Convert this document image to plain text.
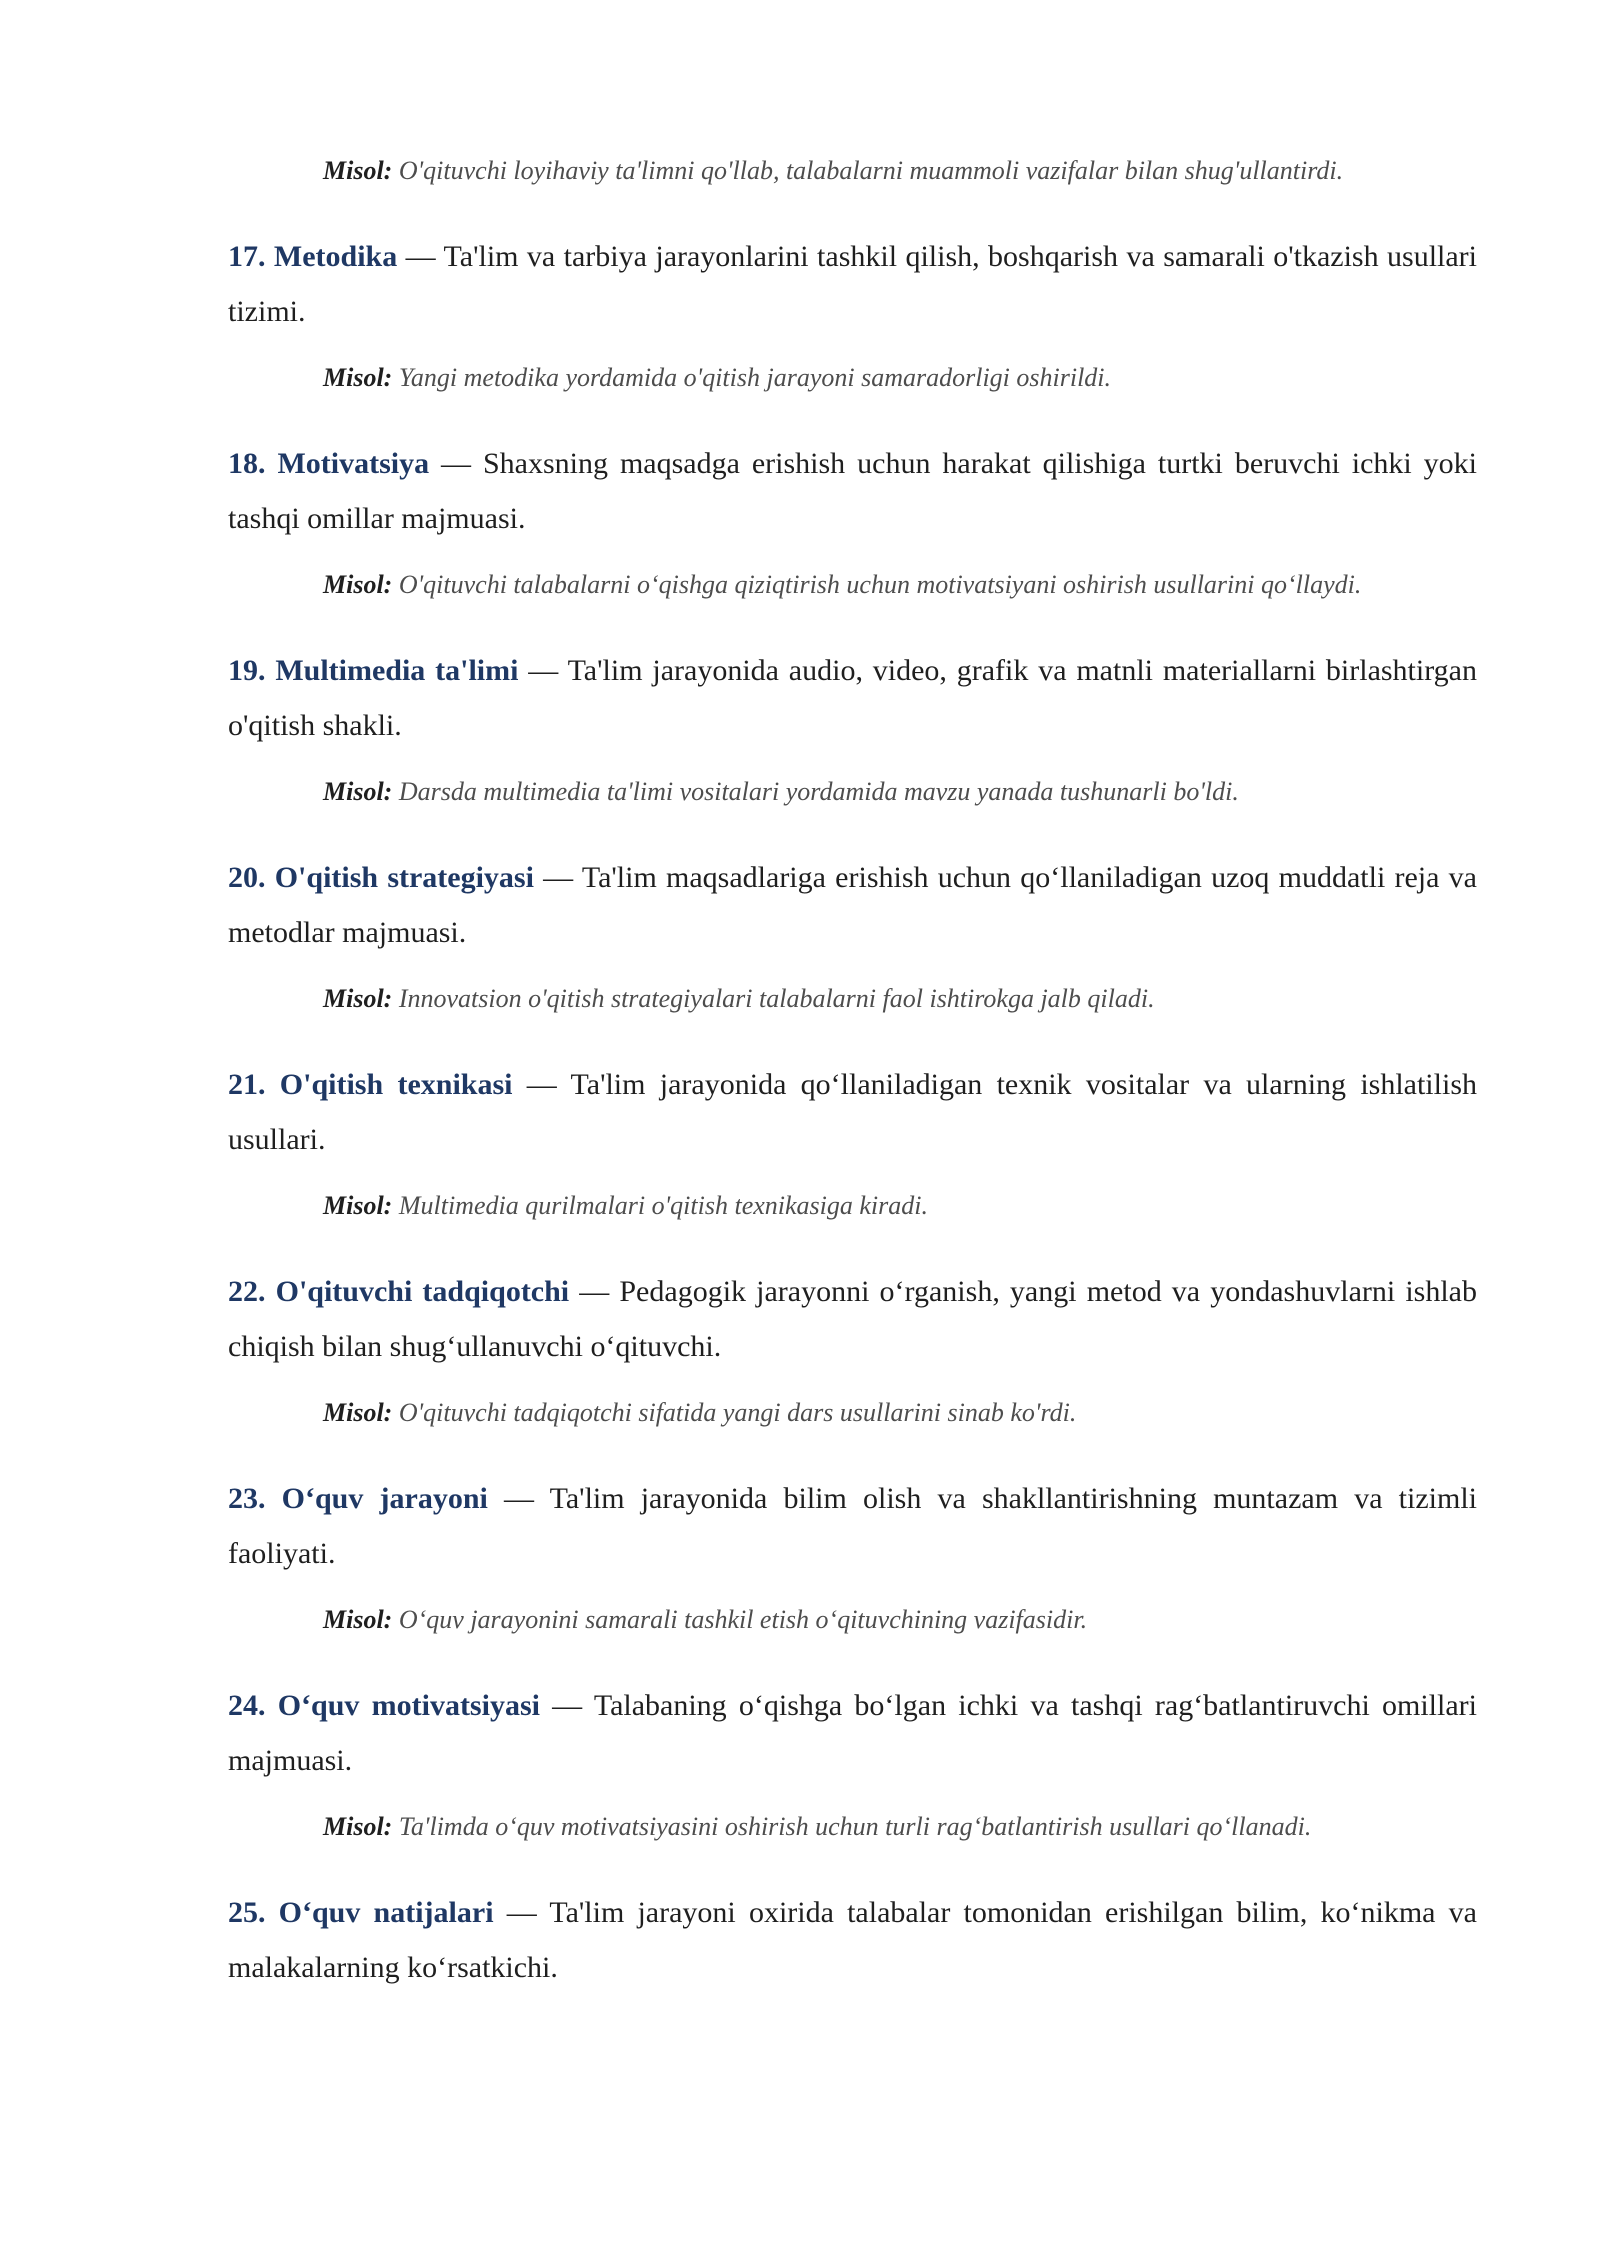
Misol: O'qituvchi loyihaviy ta'limni qo'llab, talabalarni muammoli vazifalar bilan shug'ullantirdi.
17. Metodika — Ta'lim va tarbiya jarayonlarini tashkil qilish, boshqarish va samarali o'tkazish usullari tizimi.
Misol: Yangi metodika yordamida o'qitish jarayoni samaradorligi oshirildi.
18. Motivatsiya — Shaxsning maqsadga erishish uchun harakat qilishiga turtki beruvchi ichki yoki tashqi omillar majmuasi.
Misol: O'qituvchi talabalarni o‘qishga qiziqtirish uchun motivatsiyani oshirish usullarini qo‘llaydi.
19. Multimedia ta'limi — Ta'lim jarayonida audio, video, grafik va matnli materiallarni birlashtirgan o'qitish shakli.
Misol: Darsda multimedia ta'limi vositalari yordamida mavzu yanada tushunarli bo'ldi.
20. O'qitish strategiyasi — Ta'lim maqsadlariga erishish uchun qo‘llaniladigan uzoq muddatli reja va metodlar majmuasi.
Misol: Innovatsion o'qitish strategiyalari talabalarni faol ishtirokga jalb qiladi.
21. O'qitish texnikasi — Ta'lim jarayonida qo‘llaniladigan texnik vositalar va ularning ishlatilish usullari.
Misol: Multimedia qurilmalari o'qitish texnikasiga kiradi.
22. O'qituvchi tadqiqotchi — Pedagogik jarayonni o‘rganish, yangi metod va yondashuvlarni ishlab chiqish bilan shug‘ullanuvchi o‘qituvchi.
Misol: O'qituvchi tadqiqotchi sifatida yangi dars usullarini sinab ko'rdi.
23. O‘quv jarayoni — Ta'lim jarayonida bilim olish va shakllantirishning muntazam va tizimli faoliyati.
Misol: O‘quv jarayonini samarali tashkil etish o‘qituvchining vazifasidir.
24. O‘quv motivatsiyasi — Talabaning o‘qishga bo‘lgan ichki va tashqi rag‘batlantiruvchi omillari majmuasi.
Misol: Ta'limda o‘quv motivatsiyasini oshirish uchun turli rag‘batlantirish usullari qo‘llanadi.
25. O‘quv natijalari — Ta'lim jarayoni oxirida talabalar tomonidan erishilgan bilim, ko‘nikma va malakalarning ko‘rsatkichi.
